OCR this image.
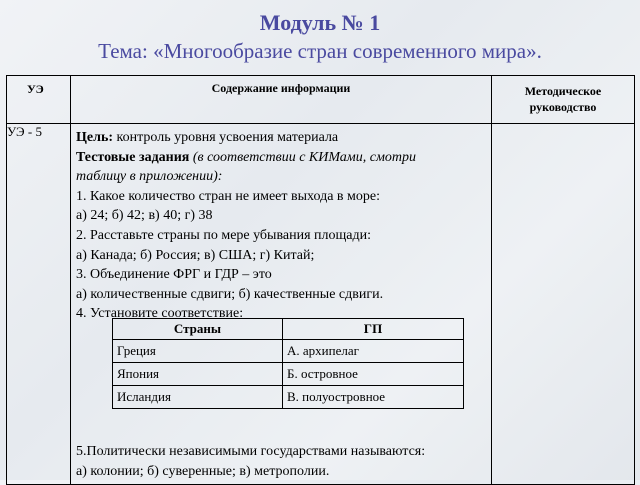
Модуль № 1
Тема: «Многообразие стран современного мира».
УЭ	Содержание информации	Методическое руководство
УЭ - 5	Цель: контроль уровня усвоения материала
Тестовые задания (в соответствии с КИМами, смотри
таблицу в приложении):
1. Какое количество стран не имеет выхода в море:
а) 24; б) 42; в) 40; г) 38
2. Расставьте страны по мере убывания площади:
а) Канада; б) Россия; в) США; г) Китай;
3. Объединение ФРГ и ГДР – это
а) количественные сдвиги; б) качественные сдвиги.
4. Установите соответствие:
Страны	ГП
Греция	А. архипелаг
Япония	Б. островное
Исландия	В. полуостровное
5.Политически независимыми государствами называются:
а) колонии; б) суверенные; в) метрополии.
